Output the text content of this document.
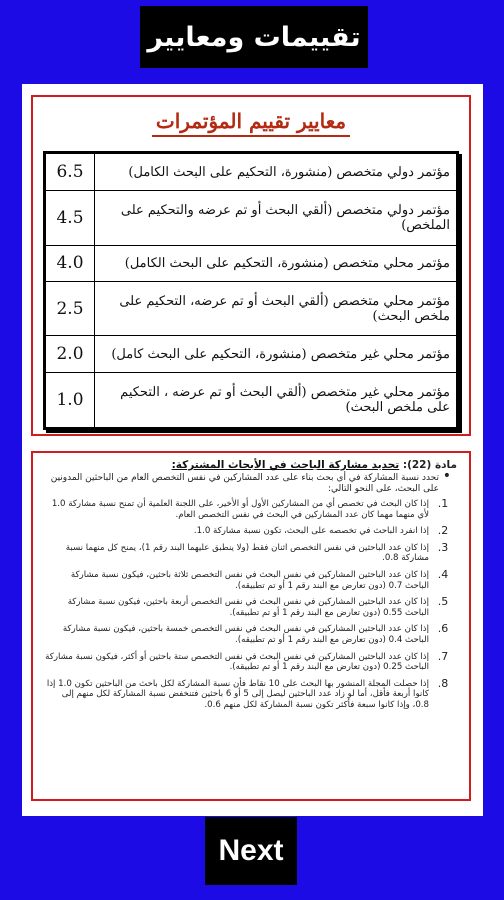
تقييمات ومعايير
معايير تقييم المؤتمرات
مؤتمر دولي متخصص (منشورة، التحكيم على البحث الكامل)	6.5
مؤتمر دولي متخصص (ألقي البحث أو تم عرضه والتحكيم على الملخص)	4.5
مؤتمر محلي متخصص (منشورة، التحكيم على البحث الكامل)	4.0
مؤتمر محلي متخصص (ألقي البحث أو تم عرضه، التحكيم على ملخص البحث)	2.5
مؤتمر محلي غير متخصص (منشورة، التحكيم على البحث كامل)	2.0
مؤتمر محلي غير متخصص (ألقي البحث أو تم عرضه ، التحكيم على ملخص البحث)	1.0
مادة (22): تحديد مشاركة الباحث في الأبحاث المشتركة:
• تحدد نسبة المشاركة في أي بحث بناء على عدد المشاركين في نفس التخصص العام من الباحثين المدونين على البحث، على النحو التالي:
1.
إذا كان البحث في تخصص أي من المشاركين الأول أو الأخير، على اللجنة العلمية أن تمنح نسبة مشاركة 1.0 لأي منهما مهما كان عدد المشاركين في البحث في نفس التخصص العام.
2.
إذا انفرد الباحث في تخصصه على البحث، تكون نسبة مشاركة 1.0.
3.
إذا كان عدد الباحثين في نفس التخصص اثنان فقط (ولا ينطبق عليهما البند رقم 1)، يمنح كل منهما نسبة مشاركة 0.8.
4.
إذا كان عدد الباحثين المشاركين في نفس البحث في نفس التخصص ثلاثة باحثين، فيكون نسبة مشاركة الباحث 0.7 (دون تعارض مع البند رقم 1 أو تم تطبيقه).
5.
إذا كان عدد الباحثين المشاركين في نفس البحث في نفس التخصص أربعة باحثين، فيكون نسبة مشاركة الباحث 0.55 (دون تعارض مع البند رقم 1 أو تم تطبيقه).
6.
إذا كان عدد الباحثين المشاركين في نفس البحث في نفس التخصص خمسة باحثين، فيكون نسبة مشاركة الباحث 0.4 (دون تعارض مع البند رقم 1 أو تم تطبيقه).
7.
إذا كان عدد الباحثين المشاركين في نفس البحث في نفس التخصص ستة باحثين أو أكثر، فيكون نسبة مشاركة الباحث 0.25 (دون تعارض مع البند رقم 1 أو تم تطبيقه).
8.
إذا حصلت المجلة المنشور بها البحث على 10 نقاط فأن نسبة المشاركة لكل باحث من الباحثين تكون 1.0 إذا كانوا أربعة فأقل، أما لو زاد عدد الباحثين ليصل إلى 5 أو 6 باحثين فتنخفض نسبة المشاركة لكل منهم إلى 0.8، وإذا كانوا سبعة فأكثر تكون نسبة المشاركة لكل منهم 0.6.
Next
